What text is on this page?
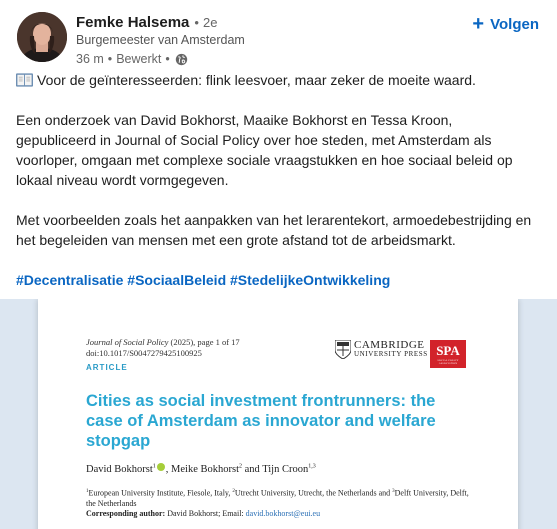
Femke Halsema • 2e
Burgemeester van Amsterdam
36 m • Bewerkt •
+ Volgen

Voor de geïnteresseerden: flink leesvoer, maar zeker de moeite waard.

Een onderzoek van David Bokhorst, Maaike Bokhorst en Tessa Kroon, gepubliceerd in Journal of Social Policy over hoe steden, met Amsterdam als voorloper, omgaan met complexe sociale vraagstukken en hoe sociaal beleid op lokaal niveau wordt vormgegeven.

Met voorbeelden zoals het aanpakken van het lerarentekort, armoedebestrijding en het begeleiden van mensen met een grote afstand tot de arbeidsmarkt.

#Decentralisatie #SociaalBeleid #StedelijkeOntwikkeling

Journal of Social Policy (2025), page 1 of 17
doi:10.1017/S0047279425100925
CAMBRIDGE
UNIVERSITY PRESS SPA
SOCIAL POLICY ASSOCIATION
ARTICLE
Cities as social investment frontrunners: the case of Amsterdam as innovator and welfare stopgap
David Bokhorst$^1$ , Meike Bokhorst$^2$ and Tijn Croon$^{1,3}$
$^1$European University Institute, Fiesole, Italy, $^2$Utrecht University, Utrecht, the Netherlands and $^3$Delft University, Delft, the Netherlands
Corresponding author: David Bokhorst; Email: david.bokhorst@eui.eu
